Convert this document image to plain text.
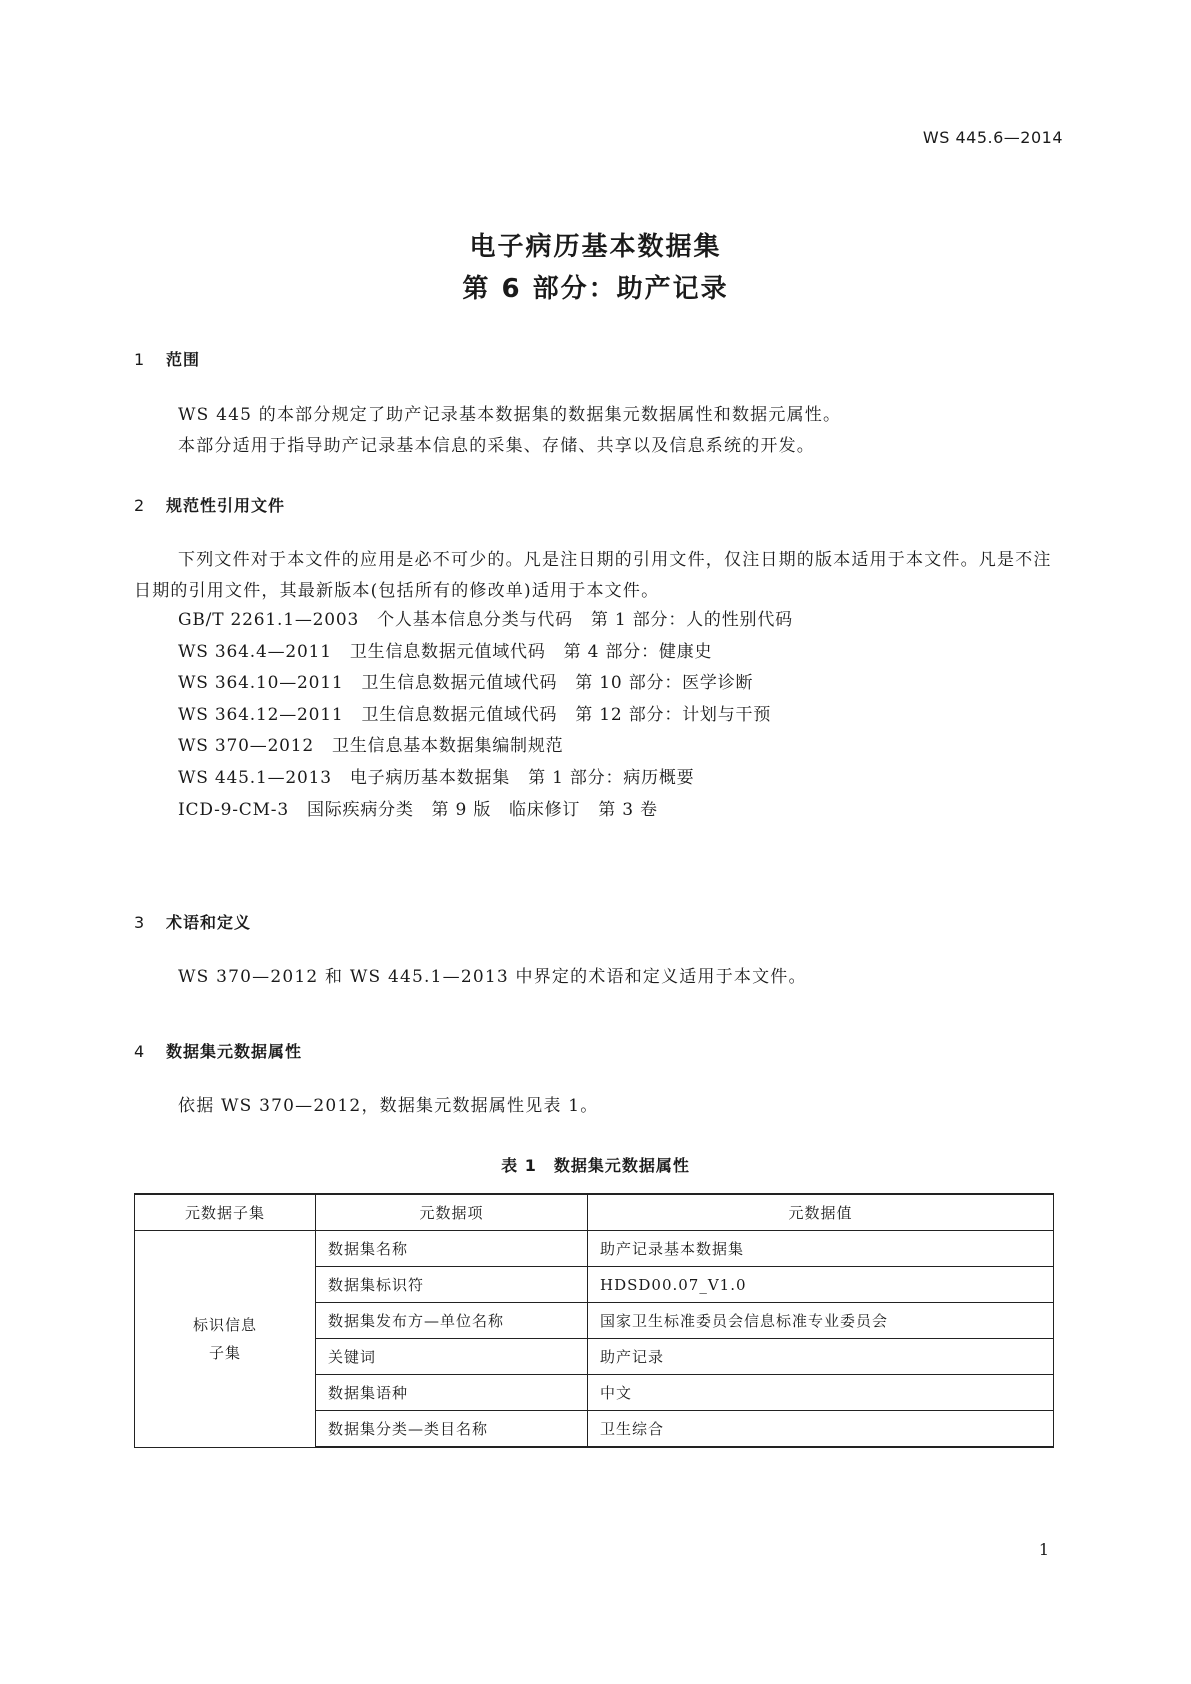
WS 445.6—2014
电子病历基本数据集
第 6 部分：助产记录
1 范围

WS 445 的本部分规定了助产记录基本数据集的数据集元数据属性和数据元属性。

本部分适用于指导助产记录基本信息的采集、存储、共享以及信息系统的开发。

2 规范性引用文件

下列文件对于本文件的应用是必不可少的。凡是注日期的引用文件，仅注日期的版本适用于本文件。凡是不注日期的引用文件，其最新版本(包括所有的修改单)适用于本文件。

GB/T 2261.1—2003 个人基本信息分类与代码 第 1 部分：人的性别代码
WS 364.4—2011 卫生信息数据元值域代码 第 4 部分：健康史
WS 364.10—2011 卫生信息数据元值域代码 第 10 部分：医学诊断
WS 364.12—2011 卫生信息数据元值域代码 第 12 部分：计划与干预
WS 370—2012 卫生信息基本数据集编制规范
WS 445.1—2013 电子病历基本数据集 第 1 部分：病历概要
ICD-9-CM-3 国际疾病分类　第 9 版　临床修订 第 3 卷
3 术语和定义

WS 370—2012 和 WS 445.1—2013 中界定的术语和定义适用于本文件。

4 数据集元数据属性

依据 WS 370—2012，数据集元数据属性见表 1。

表 1　数据集元数据属性
元数据子集	元数据项	元数据值

标识信息
子集	数据集名称	助产记录基本数据集
	数据集标识符	HDSD00.07_V1.0
	数据集发布方—单位名称	国家卫生标准委员会信息标准专业委员会
	关键词	助产记录
	数据集语种	中文
	数据集分类—类目名称	卫生综合
1
